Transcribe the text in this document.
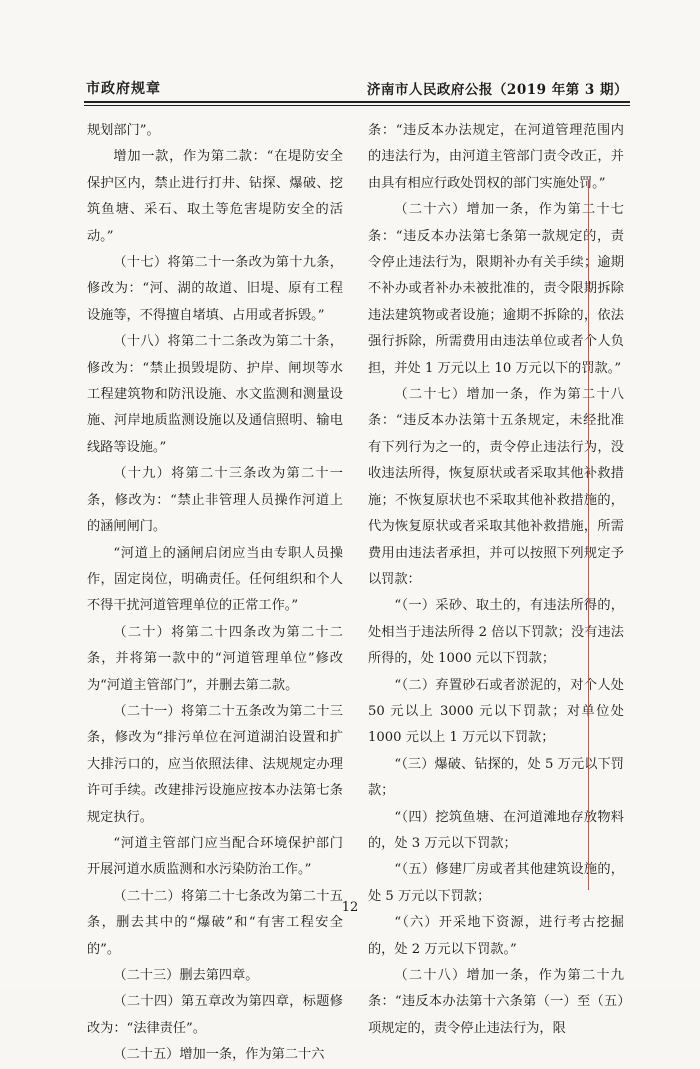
市政府规章	济南市人民政府公报（2019 年第 3 期）

规划部门”。

增加一款，作为第二款：“在堤防安全保护区内，禁止进行打井、钻探、爆破、挖筑鱼塘、采石、取土等危害堤防安全的活动。”

（十七）将第二十一条改为第十九条，修改为：“河、湖的故道、旧堤、原有工程设施等，不得擅自堵填、占用或者拆毁。”

（十八）将第二十二条改为第二十条，修改为：“禁止损毁堤防、护岸、闸坝等水工程建筑物和防汛设施、水文监测和测量设施、河岸地质监测设施以及通信照明、输电线路等设施。”

（十九）将第二十三条改为第二十一条，修改为：“禁止非管理人员操作河道上的涵闸闸门。

“河道上的涵闸启闭应当由专职人员操作，固定岗位，明确责任。任何组织和个人不得干扰河道管理单位的正常工作。”

（二十）将第二十四条改为第二十二条，并将第一款中的“河道管理单位”修改为“河道主管部门”，并删去第二款。

（二十一）将第二十五条改为第二十三条，修改为“排污单位在河道湖泊设置和扩大排污口的，应当依照法律、法规规定办理许可手续。改建排污设施应按本办法第七条规定执行。

“河道主管部门应当配合环境保护部门开展河道水质监测和水污染防治工作。”

（二十二）将第二十七条改为第二十五条，删去其中的“爆破”和“有害工程安全的”。

（二十三）删去第四章。

（二十四）第五章改为第四章，标题修改为：“法律责任”。

（二十五）增加一条，作为第二十六

条：“违反本办法规定，在河道管理范围内的违法行为，由河道主管部门责令改正，并由具有相应行政处罚权的部门实施处罚。”

（二十六）增加一条，作为第二十七条：“违反本办法第七条第一款规定的，责令停止违法行为，限期补办有关手续；逾期不补办或者补办未被批准的，责令限期拆除违法建筑物或者设施；逾期不拆除的，依法强行拆除，所需费用由违法单位或者个人负担，并处 1 万元以上 10 万元以下的罚款。”

（二十七）增加一条，作为第二十八条：“违反本办法第十五条规定，未经批准有下列行为之一的，责令停止违法行为，没收违法所得，恢复原状或者采取其他补救措施；不恢复原状也不采取其他补救措施的，代为恢复原状或者采取其他补救措施，所需费用由违法者承担，并可以按照下列规定予以罚款：

“（一）采砂、取土的，有违法所得的，处相当于违法所得 2 倍以下罚款；没有违法所得的，处 1000 元以下罚款；

“（二）弃置砂石或者淤泥的，对个人处 50 元以上 3000 元以下罚款；对单位处 1000 元以上 1 万元以下罚款；

“（三）爆破、钻探的，处 5 万元以下罚款；

“（四）挖筑鱼塘、在河道滩地存放物料的，处 3 万元以下罚款；

“（五）修建厂房或者其他建筑设施的，处 5 万元以下罚款；

“（六）开采地下资源，进行考古挖掘的，处 2 万元以下罚款。”

（二十八）增加一条，作为第二十九条：“违反本办法第十六条第（一）至（五）项规定的，责令停止违法行为，限

12
